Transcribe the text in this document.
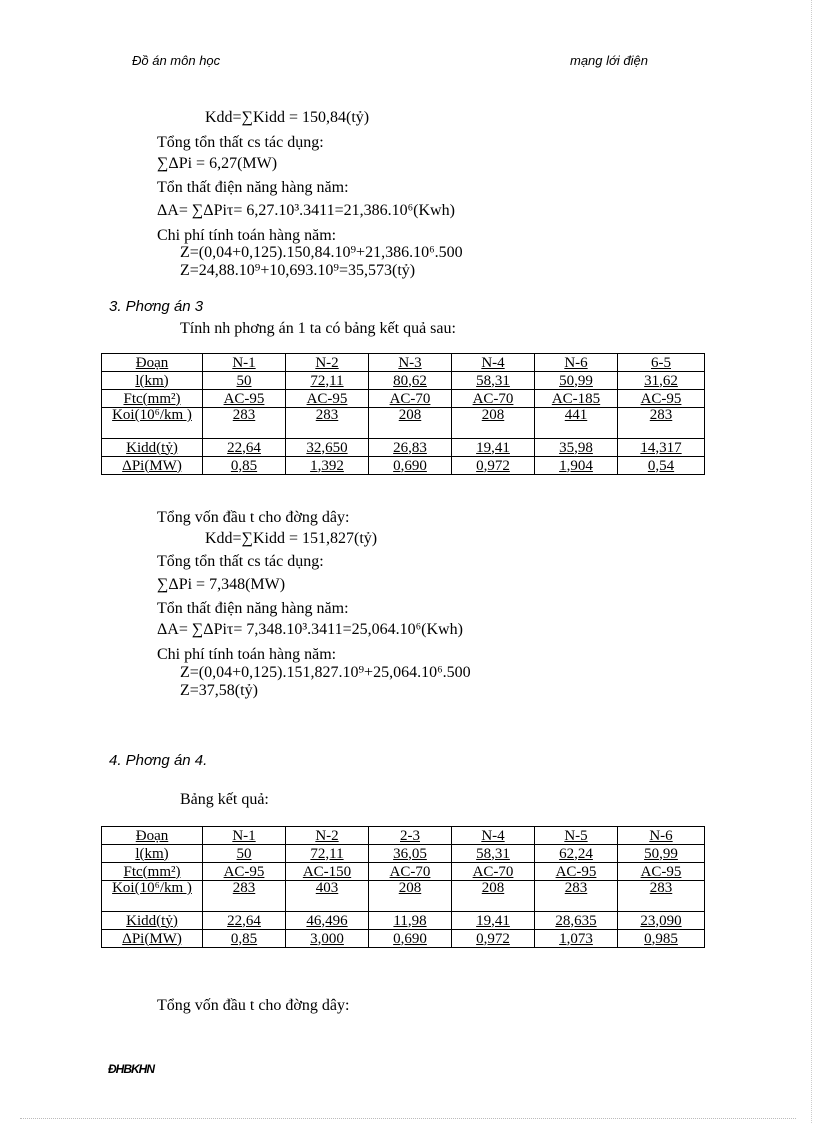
Đồ án môn học	mạng lới điện
Kdd=∑Kidd = 150,84(tỷ)
Tổng tổn thất cs tác dụng:
∑ΔPi = 6,27(MW)
Tổn thất điện năng hàng năm:
ΔA= ∑ΔPiτ= 6,27.10³.3411=21,386.10⁶(Kwh)
Chi phí tính toán hàng năm:
Z=(0,04+0,125).150,84.10⁹+21,386.10⁶.500
Z=24,88.10⁹+10,693.10⁹=35,573(tỷ)
3. Phơng án 3
Tính nh phơng án 1 ta có bảng kết quả sau:
Đoạn	N-1	N-2	N-3	N-4	N-6	6-5
l(km)	50	72,11	80,62	58,31	50,99	31,62
Ftc(mm²)	AC-95	AC-95	AC-70	AC-70	AC-185	AC-95
Koi(10⁶/km )	283	283	208	208	441	283
Kidd(tỷ)	22,64	32,650	26,83	19,41	35,98	14,317
ΔPi(MW)	0,85	1,392	0,690	0,972	1,904	0,54
Tổng vốn đầu t cho đờng dây:
Kdd=∑Kidd = 151,827(tỷ)
Tổng tổn thất cs tác dụng:
∑ΔPi = 7,348(MW)
Tổn thất điện năng hàng năm:
ΔA= ∑ΔPiτ= 7,348.10³.3411=25,064.10⁶(Kwh)
Chi phí tính toán hàng năm:
Z=(0,04+0,125).151,827.10⁹+25,064.10⁶.500
Z=37,58(tỷ)
4. Phơng án 4.
Bảng kết quả:
Đoạn	N-1	N-2	2-3	N-4	N-5	N-6
l(km)	50	72,11	36,05	58,31	62,24	50,99
Ftc(mm²)	AC-95	AC-150	AC-70	AC-70	AC-95	AC-95
Koi(10⁶/km )	283	403	208	208	283	283
Kidd(tỷ)	22,64	46,496	11,98	19,41	28,635	23,090
ΔPi(MW)	0,85	3,000	0,690	0,972	1,073	0,985
Tổng vốn đầu t cho đờng dây:
ĐHBKHN
